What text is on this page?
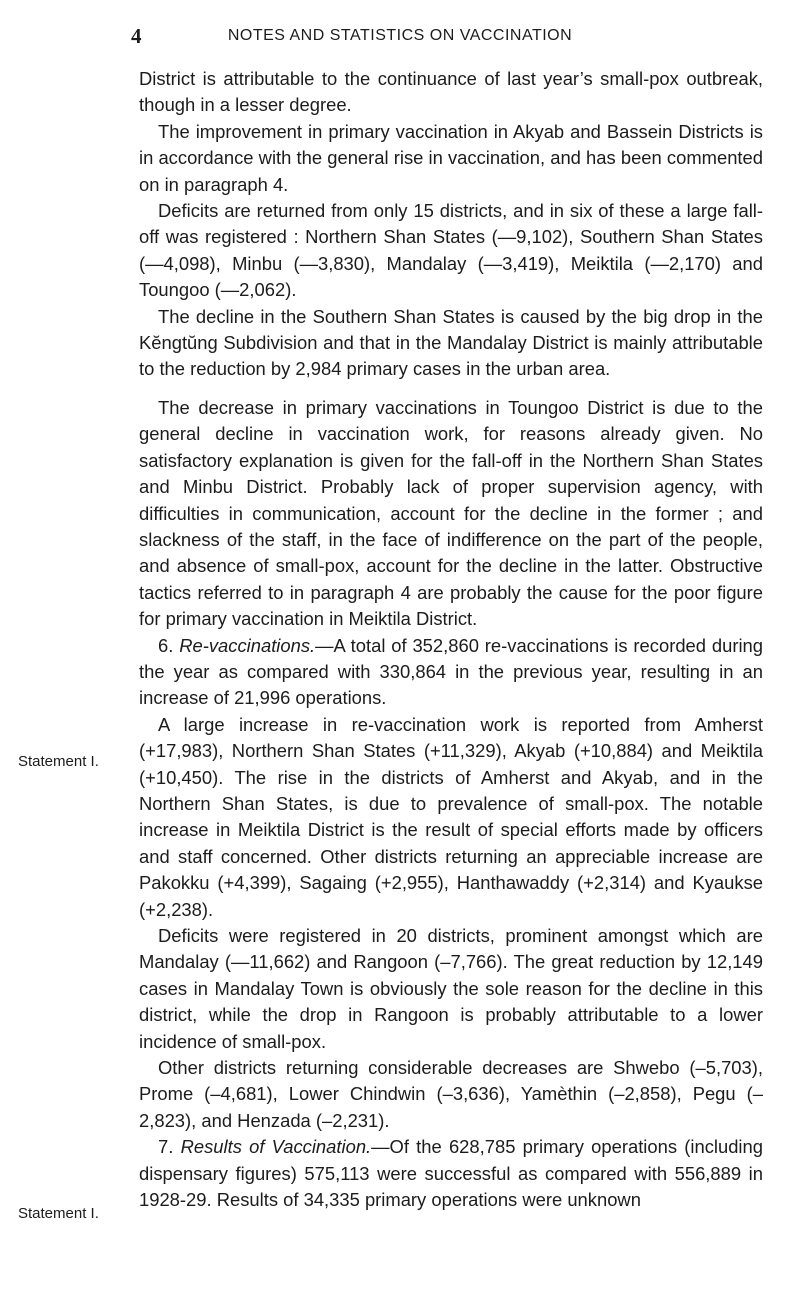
4	NOTES AND STATISTICS ON VACCINATION
Statement I.
Statement I.

District is attributable to the continuance of last year’s small-pox outbreak, though in a lesser degree.

The improvement in primary vaccination in Akyab and Bassein Districts is in accordance with the general rise in vaccination, and has been commented on in paragraph 4.

Deficits are returned from only 15 districts, and in six of these a large fall-off was registered : Northern Shan States (—9,102), Southern Shan States (—4,098), Minbu (—3,830), Mandalay (—3,419), Meiktila (—2,170) and Toungoo (—2,062).

The decline in the Southern Shan States is caused by the big drop in the Kĕngtŭng Subdivision and that in the Mandalay District is mainly attributable to the reduction by 2,984 primary cases in the urban area.

The decrease in primary vaccinations in Toungoo District is due to the general decline in vaccination work, for reasons already given. No satisfactory explanation is given for the fall-off in the Northern Shan States and Minbu District. Probably lack of proper supervision agency, with difficulties in communication, account for the decline in the former ; and slackness of the staff, in the face of indifference on the part of the people, and absence of small-pox, account for the decline in the latter. Obstructive tactics referred to in paragraph 4 are probably the cause for the poor figure for primary vaccination in Meiktila District.

6. Re-vaccinations.—A total of 352,860 re-vaccinations is recorded during the year as compared with 330,864 in the previous year, resulting in an increase of 21,996 operations.

A large increase in re-vaccination work is reported from Amherst (+17,983), Northern Shan States (+11,329), Akyab (+10,884) and Meiktila (+10,450). The rise in the districts of Amherst and Akyab, and in the Northern Shan States, is due to prevalence of small-pox. The notable increase in Meiktila District is the result of special efforts made by officers and staff concerned. Other districts returning an appreciable increase are Pakokku (+4,399), Sagaing (+2,955), Hanthawaddy (+2,314) and Kyaukse (+2,238).

Deficits were registered in 20 districts, prominent amongst which are Mandalay (—11,662) and Rangoon (–7,766). The great reduction by 12,149 cases in Mandalay Town is obviously the sole reason for the decline in this district, while the drop in Rangoon is probably attributable to a lower incidence of small-pox.

Other districts returning considerable decreases are Shwebo (–5,703), Prome (–4,681), Lower Chindwin (–3,636), Yamèthin (–2,858), Pegu (–2,823), and Henzada (–2,231).

7. Results of Vaccination.—Of the 628,785 primary operations (including dispensary figures) 575,113 were successful as compared with 556,889 in 1928-29. Results of 34,335 primary operations were unknown
